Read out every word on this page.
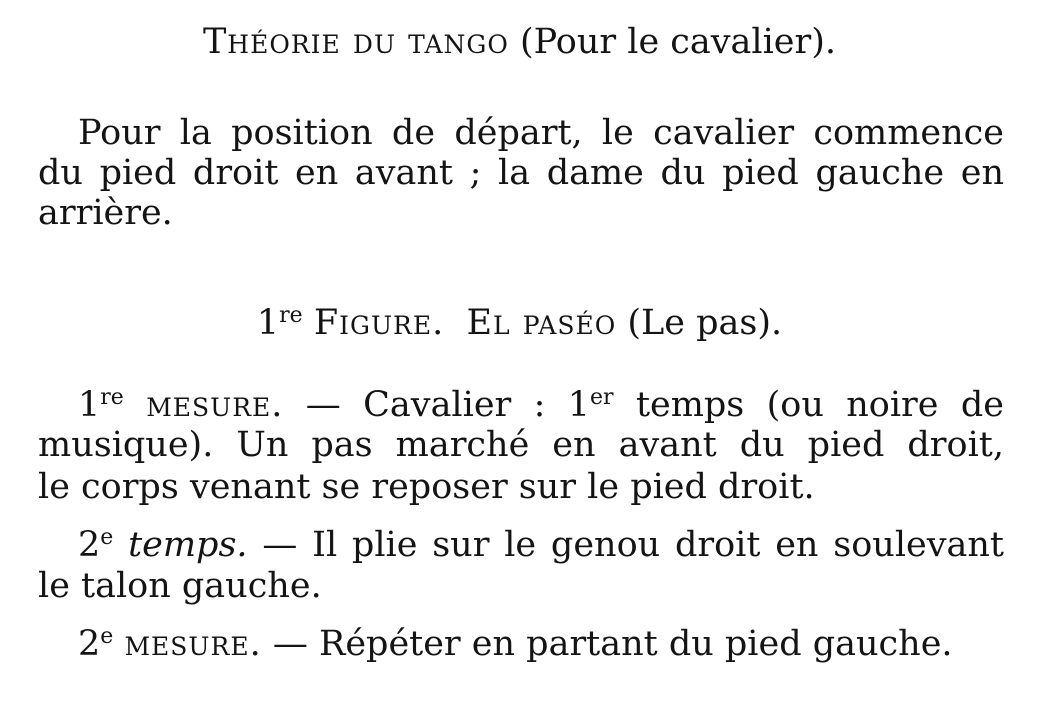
Théorie du tango (Pour le cavalier).
Pour la position de départ, le cavalier commence
du pied droit en avant ; la dame du pied gauche en
arrière.
1re Figure. El paséo (Le pas).
1re mesure. — Cavalier : 1er temps (ou noire de
musique). Un pas marché en avant du pied droit,
le corps venant se reposer sur le pied droit.
2e temps. — Il plie sur le genou droit en soulevant
le talon gauche.
2e mesure. — Répéter en partant du pied gauche.
